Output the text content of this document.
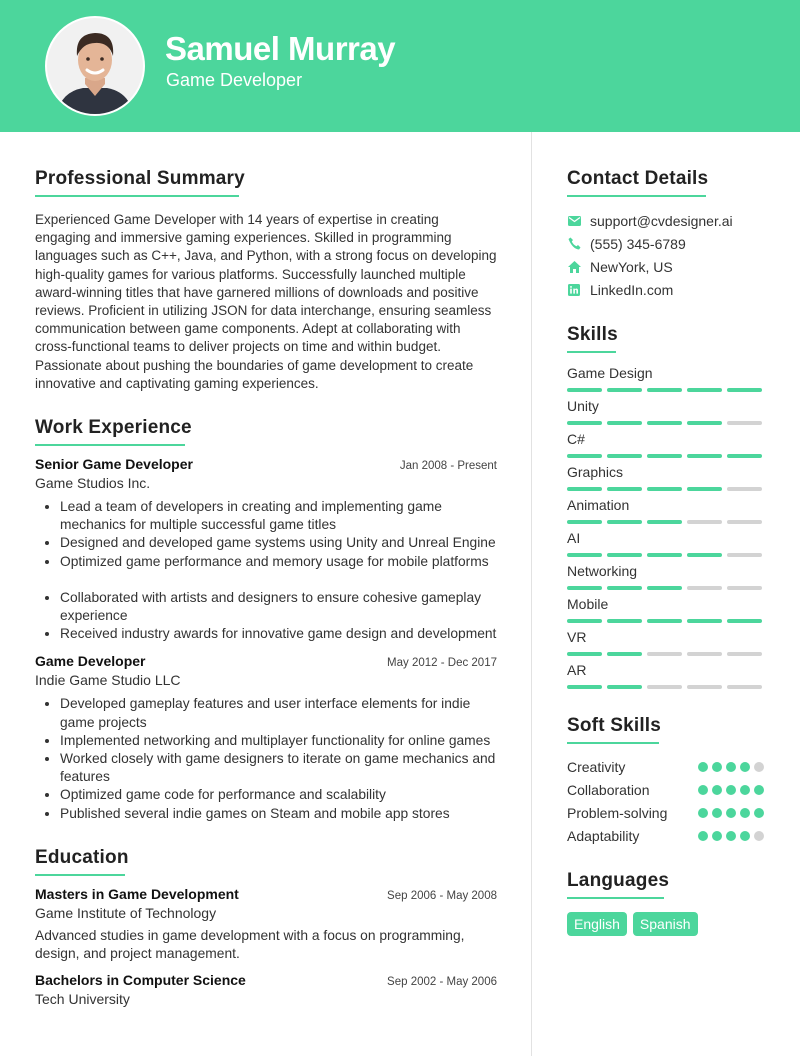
Samuel Murray
Game Developer
Professional Summary

Experienced Game Developer with 14 years of expertise in creating engaging and immersive gaming experiences. Skilled in programming languages such as C++, Java, and Python, with a strong focus on developing high-quality games for various platforms. Successfully launched multiple award-winning titles that have garnered millions of downloads and positive reviews. Proficient in utilizing JSON for data interchange, ensuring seamless communication between game components. Adept at collaborating with cross-functional teams to deliver projects on time and within budget. Passionate about pushing the boundaries of game development to create innovative and captivating gaming experiences.

Work Experience
Senior Game Developer	Jan 2008 - Present
Game Studios Inc.
• Lead a team of developers in creating and implementing game mechanics for multiple successful game titles
• Designed and developed game systems using Unity and Unreal Engine
• Optimized game performance and memory usage for mobile platforms
• Collaborated with artists and designers to ensure cohesive gameplay experience
• Received industry awards for innovative game design and development
Game Developer	May 2012 - Dec 2017
Indie Game Studio LLC
• Developed gameplay features and user interface elements for indie game projects
• Implemented networking and multiplayer functionality for online games
• Worked closely with game designers to iterate on game mechanics and features
• Optimized game code for performance and scalability
• Published several indie games on Steam and mobile app stores
Education
Masters in Game Development	Sep 2006 - May 2008
Game Institute of Technology

Advanced studies in game development with a focus on programming, design, and project management.

Bachelors in Computer Science	Sep 2002 - May 2006
Tech University
Contact Details
support@cvdesigner.ai
(555) 345-6789
NewYork, US
LinkedIn.com
Skills
Game Design
Unity
C#
Graphics
Animation
AI
Networking
Mobile
VR
AR
Soft Skills
Creativity
Collaboration
Problem-solving
Adaptability
Languages
English	Spanish
